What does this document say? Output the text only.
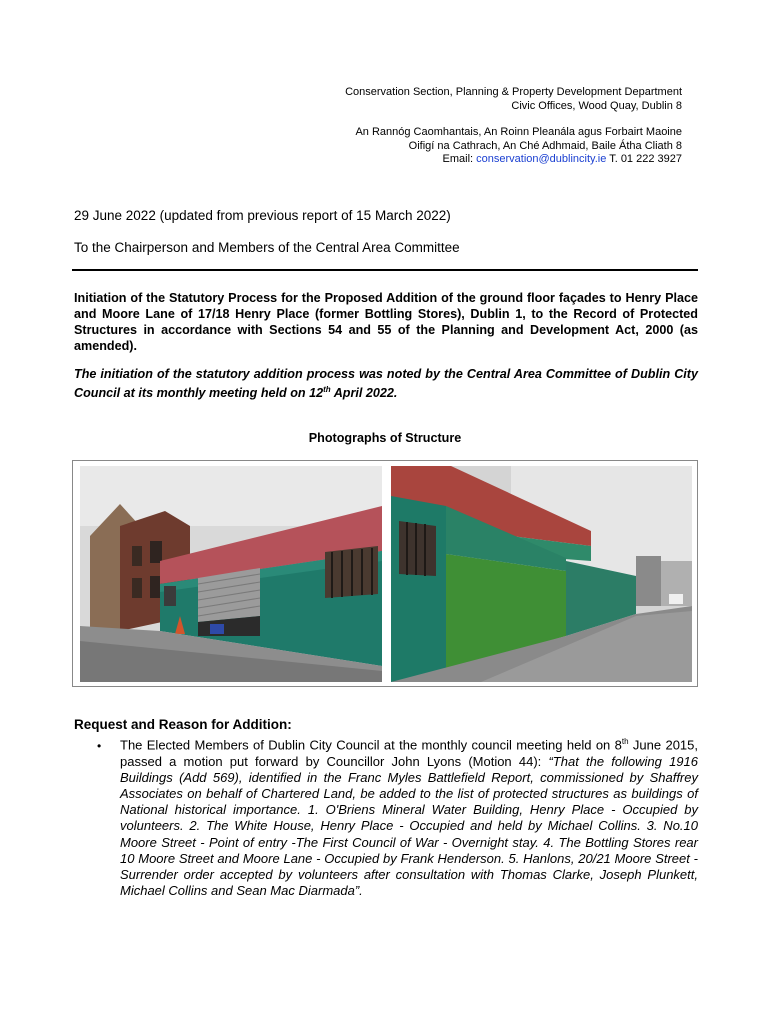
Conservation Section, Planning & Property Development Department
Civic Offices, Wood Quay, Dublin 8
An Rannóg Caomhantais, An Roinn Pleanála agus Forbairt Maoine
Oifigí na Cathrach, An Ché Adhmaid, Baile Átha Cliath 8
Email: conservation@dublincity.ie T. 01 222 3927
29 June 2022 (updated from previous report of 15 March 2022)
To the Chairperson and Members of the Central Area Committee
Initiation of the Statutory Process for the Proposed Addition of the ground floor façades to Henry Place and Moore Lane of 17/18 Henry Place (former Bottling Stores), Dublin 1, to the Record of Protected Structures in accordance with Sections 54 and 55 of the Planning and Development Act, 2000 (as amended).
The initiation of the statutory addition process was noted by the Central Area Committee of Dublin City Council at its monthly meeting held on 12th April 2022.
Photographs of Structure
Request and Reason for Addition:
• The Elected Members of Dublin City Council at the monthly council meeting held on 8th June 2015, passed a motion put forward by Councillor John Lyons (Motion 44): “That the following 1916 Buildings (Add 569), identified in the Franc Myles Battlefield Report, commissioned by Shaffrey Associates on behalf of Chartered Land, be added to the list of protected structures as buildings of National historical importance. 1. O'Briens Mineral Water Building, Henry Place - Occupied by volunteers. 2. The White House, Henry Place - Occupied and held by Michael Collins. 3. No.10 Moore Street - Point of entry -The First Council of War - Overnight stay. 4. The Bottling Stores rear 10 Moore Street and Moore Lane - Occupied by Frank Henderson. 5. Hanlons, 20/21 Moore Street - Surrender order accepted by volunteers after consultation with Thomas Clarke, Joseph Plunkett, Michael Collins and Sean Mac Diarmada”.
